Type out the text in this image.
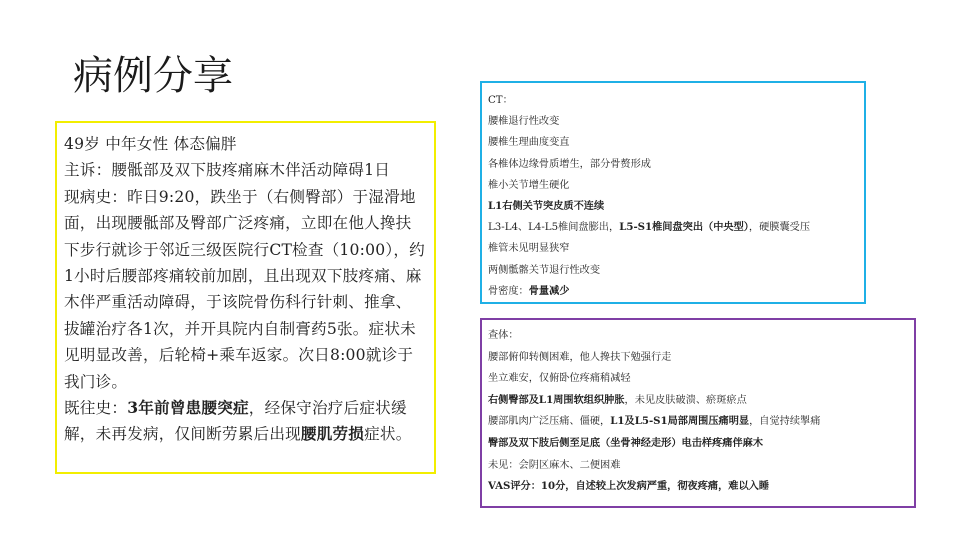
病例分享

49岁 中年女性 体态偏胖

主诉：腰骶部及双下肢疼痛麻木伴活动障碍1日

现病史：昨日9:20，跌坐于（右侧臀部）于湿滑地面，出现腰骶部及臀部广泛疼痛，立即在他人搀扶下步行就诊于邻近三级医院行CT检查（10:00），约1小时后腰部疼痛较前加剧，且出现双下肢疼痛、麻木伴严重活动障碍，于该院骨伤科行针刺、推拿、拔罐治疗各1次，并开具院内自制膏药5张。症状未见明显改善，后轮椅+乘车返家。次日8:00就诊于我门诊。

既往史：3年前曾患腰突症，经保守治疗后症状缓解，未再发病，仅间断劳累后出现腰肌劳损症状。

CT：

腰椎退行性改变

腰椎生理曲度变直

各椎体边缘骨质增生，部分骨赘形成

椎小关节增生硬化

L1右侧关节突皮质不连续

L3-L4、L4-L5椎间盘膨出，L5-S1椎间盘突出（中央型），硬膜囊受压

椎管未见明显狭窄

两侧骶髂关节退行性改变

骨密度：骨量减少

查体：

腰部俯仰转侧困难，他人搀扶下勉强行走

坐立难安，仅俯卧位疼痛稍减轻

右侧臀部及L1周围软组织肿胀，未见皮肤破溃、瘀斑瘀点

腰部肌肉广泛压痛、僵硬，L1及L5-S1局部周围压痛明显，自觉持续掣痛

臀部及双下肢后侧至足底（坐骨神经走形）电击样疼痛伴麻木

未见：会阴区麻木、二便困难

VAS评分：10分，自述较上次发病严重，彻夜疼痛，难以入睡
